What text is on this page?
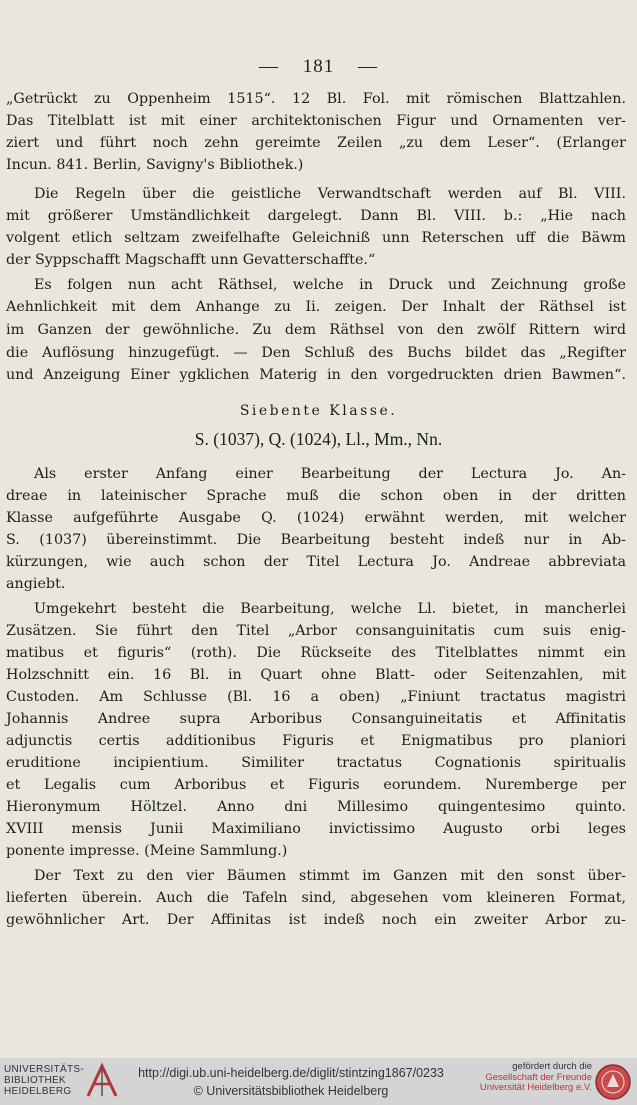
— 181 —
„Getrückt zu Oppenheim 1515“. 12 Bl. Fol. mit römischen Blattzahlen.
Das Titelblatt ist mit einer architektonischen Figur und Ornamenten ver-
ziert und führt noch zehn gereimte Zeilen „zu dem Leser“. (Erlanger
Incun. 841. Berlin, Savigny's Bibliothek.)
Die Regeln über die geistliche Verwandtschaft werden auf Bl. VIII.
mit größerer Umständlichkeit dargelegt. Dann Bl. VIII. b.: „Hie nach
volgent etlich seltzam zweifelhafte Geleichniß unn Reterschen uff die Bäwm
der Syppschafft Magschafft unn Gevatterschaffte.“
Es folgen nun acht Räthsel, welche in Druck und Zeichnung große
Aehnlichkeit mit dem Anhange zu Ii. zeigen. Der Inhalt der Räthsel ist
im Ganzen der gewöhnliche. Zu dem Räthsel von den zwölf Rittern wird
die Auflösung hinzugefügt. — Den Schluß des Buchs bildet das „Regifter
und Anzeigung Einer ygklichen Materig in den vorgedruckten drien Bawmen“.
Siebente Klasse.
S. (1037), Q. (1024), Ll., Mm., Nn.
Als erster Anfang einer Bearbeitung der Lectura Jo. An-
dreae in lateinischer Sprache muß die schon oben in der dritten
Klasse aufgeführte Ausgabe Q. (1024) erwähnt werden, mit welcher
S. (1037) übereinstimmt. Die Bearbeitung besteht indeß nur in Ab-
kürzungen, wie auch schon der Titel Lectura Jo. Andreae abbreviata
angiebt.
Umgekehrt besteht die Bearbeitung, welche Ll. bietet, in mancherlei
Zusätzen. Sie führt den Titel „Arbor consanguinitatis cum suis enig-
matibus et figuris“ (roth). Die Rückseite des Titelblattes nimmt ein
Holzschnitt ein. 16 Bl. in Quart ohne Blatt- oder Seitenzahlen, mit
Custoden. Am Schlusse (Bl. 16 a oben) „Finiunt tractatus magistri
Johannis Andree supra Arboribus Consanguineitatis et Affinitatis
adjunctis certis additionibus Figuris et Enigmatibus pro planiori
eruditione incipientium. Similiter tractatus Cognationis spiritualis
et Legalis cum Arboribus et Figuris eorundem. Nuremberge per
Hieronymum Höltzel. Anno dni Millesimo quingentesimo quinto.
XVIII mensis Junii Maximiliano invictissimo Augusto orbi leges
ponente impresse. (Meine Sammlung.)
Der Text zu den vier Bäumen stimmt im Ganzen mit den sonst über-
lieferten überein. Auch die Tafeln sind, abgesehen vom kleineren Format,
gewöhnlicher Art. Der Affinitas ist indeß noch ein zweiter Arbor zu-
UNIVERSITÄTS-
BIBLIOTHEK
HEIDELBERG
http://digi.ub.uni-heidelberg.de/diglit/stintzing1867/0233
© Universitätsbibliothek Heidelberg
gefördert durch die
Gesellschaft der Freunde
Universität Heidelberg e.V.
